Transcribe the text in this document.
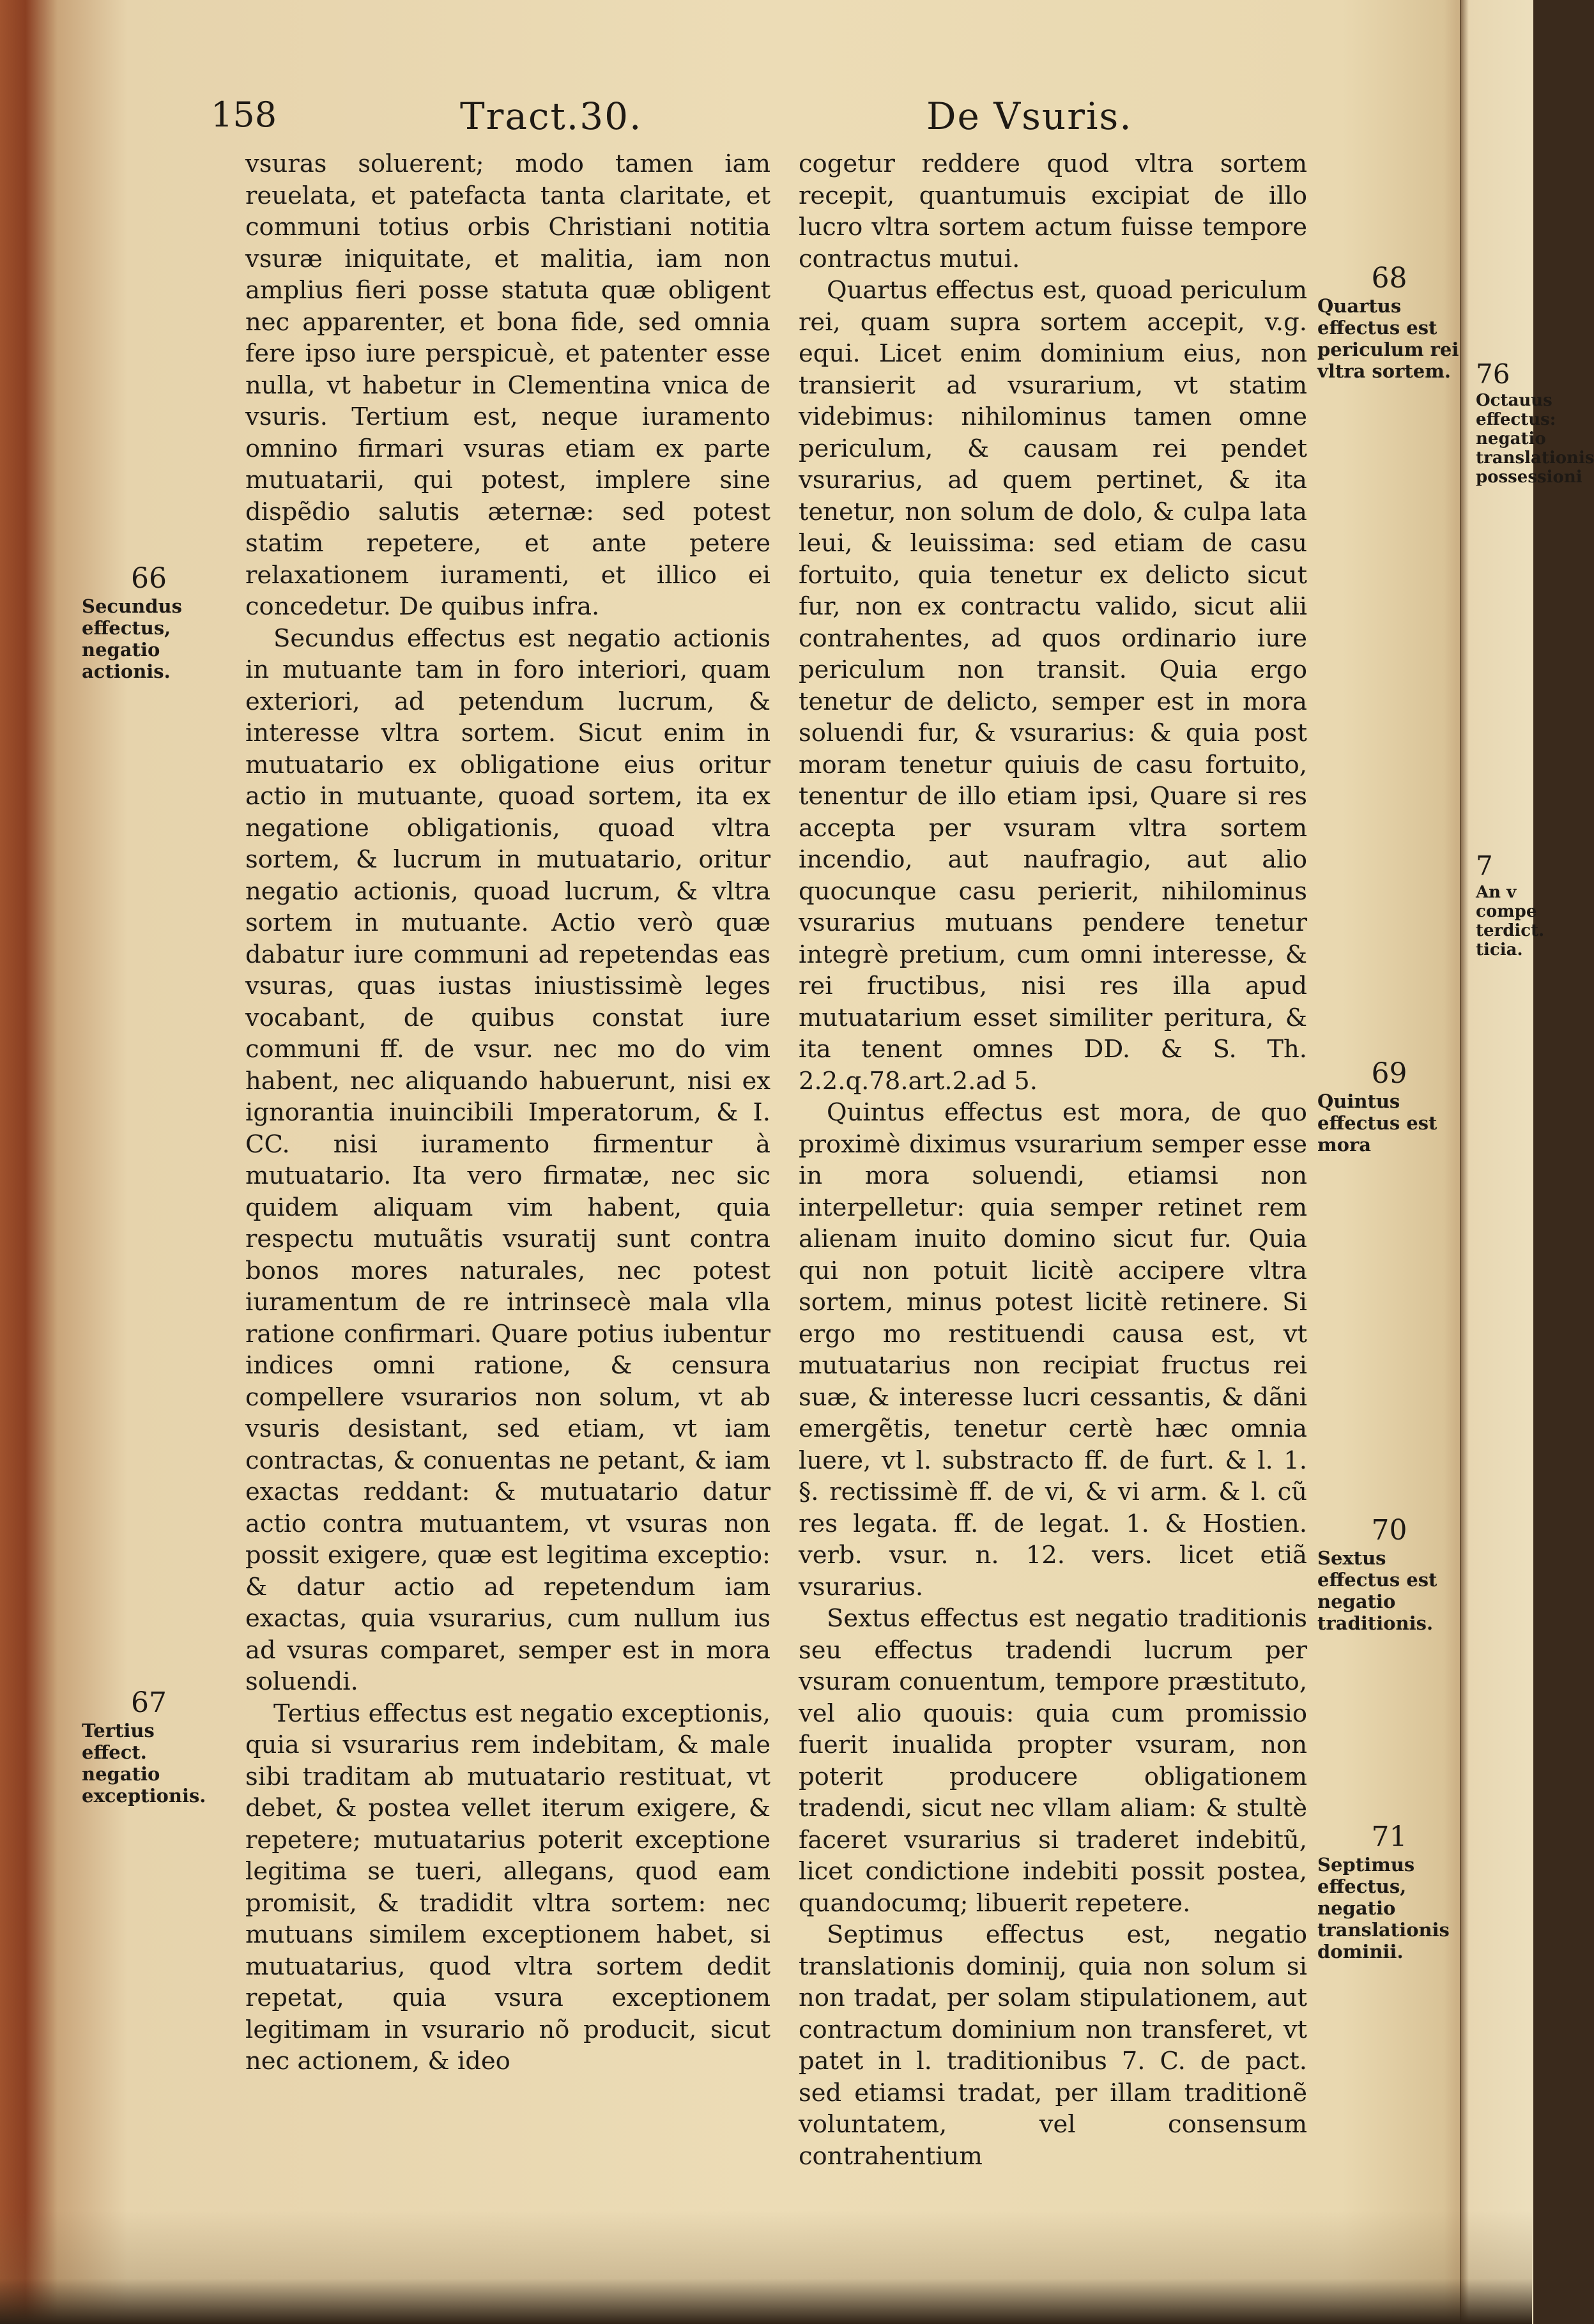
158	Tract.30.	De Vsuris.

vsuras soluerent; modo tamen iam reuelata, et patefacta tanta claritate, et communi totius orbis Christiani notitia vsuræ iniquitate, et malitia, iam non amplius fieri posse statuta quæ obligent nec apparenter, et bona fide, sed omnia fere ipso iure perspicuè, et patenter esse nulla, vt habetur in Clementina vnica de vsuris. Tertium est, neque iuramento omnino firmari vsuras etiam ex parte mutuatarii, qui potest, implere sine dispẽdio salutis æternæ: sed potest statim repetere, et ante petere relaxationem iuramenti, et illico ei concedetur. De quibus infra.

Secundus effectus est negatio actionis in mutuante tam in foro interiori, quam exteriori, ad petendum lucrum, & interesse vltra sortem. Sicut enim in mutuatario ex obligatione eius oritur actio in mutuante, quoad sortem, ita ex negatione obligationis, quoad vltra sortem, & lucrum in mutuatario, oritur negatio actionis, quoad lucrum, & vltra sortem in mutuante. Actio verò quæ dabatur iure communi ad repetendas eas vsuras, quas iustas iniustissimè leges vocabant, de quibus constat iure communi ff. de vsur. nec mo do vim habent, nec aliquando habuerunt, nisi ex ignorantia inuincibili Imperatorum, & I. CC. nisi iuramento firmentur à mutuatario. Ita vero firmatæ, nec sic quidem aliquam vim habent, quia respectu mutuãtis vsuratij sunt contra bonos mores naturales, nec potest iuramentum de re intrinsecè mala vlla ratione confirmari. Quare potius iubentur indices omni ratione, & censura compellere vsurarios non solum, vt ab vsuris desistant, sed etiam, vt iam contractas, & conuentas ne petant, & iam exactas reddant: & mutuatario datur actio contra mutuantem, vt vsuras non possit exigere, quæ est legitima exceptio: & datur actio ad repetendum iam exactas, quia vsurarius, cum nullum ius ad vsuras comparet, semper est in mora soluendi.

Tertius effectus est negatio exceptionis, quia si vsurarius rem indebitam, & male sibi traditam ab mutuatario restituat, vt debet, & postea vellet iterum exigere, & repetere; mutuatarius poterit exceptione legitima se tueri, allegans, quod eam promisit, & tradidit vltra sortem: nec mutuans similem exceptionem habet, si mutuatarius, quod vltra sortem dedit repetat, quia vsura exceptionem legitimam in vsurario nõ producit, sicut nec actionem, & ideo

cogetur reddere quod vltra sortem recepit, quantumuis excipiat de illo lucro vltra sortem actum fuisse tempore contractus mutui.

Quartus effectus est, quoad periculum rei, quam supra sortem accepit, v.g. equi. Licet enim dominium eius, non transierit ad vsurarium, vt statim videbimus: nihilominus tamen omne periculum, & causam rei pendet vsurarius, ad quem pertinet, & ita tenetur, non solum de dolo, & culpa lata leui, & leuissima: sed etiam de casu fortuito, quia tenetur ex delicto sicut fur, non ex contractu valido, sicut alii contrahentes, ad quos ordinario iure periculum non transit. Quia ergo tenetur de delicto, semper est in mora soluendi fur, & vsurarius: & quia post moram tenetur quiuis de casu fortuito, tenentur de illo etiam ipsi, Quare si res accepta per vsuram vltra sortem incendio, aut naufragio, aut alio quocunque casu perierit, nihilominus vsurarius mutuans pendere tenetur integrè pretium, cum omni interesse, & rei fructibus, nisi res illa apud mutuatarium esset similiter peritura, & ita tenent omnes DD. & S. Th. 2.2.q.78.art.2.ad 5.

Quintus effectus est mora, de quo proximè diximus vsurarium semper esse in mora soluendi, etiamsi non interpelletur: quia semper retinet rem alienam inuito domino sicut fur. Quia qui non potuit licitè accipere vltra sortem, minus potest licitè retinere. Si ergo mo restituendi causa est, vt mutuatarius non recipiat fructus rei suæ, & interesse lucri cessantis, & dãni emergẽtis, tenetur certè hæc omnia luere, vt l. substracto ff. de furt. & l. 1. §. rectissimè ff. de vi, & vi arm. & l. cũ res legata. ff. de legat. 1. & Hostien. verb. vsur. n. 12. vers. licet etiã vsurarius.

Sextus effectus est negatio traditionis seu effectus tradendi lucrum per vsuram conuentum, tempore præstituto, vel alio quouis: quia cum promissio fuerit inualida propter vsuram, non poterit producere obligationem tradendi, sicut nec vllam aliam: & stultè faceret vsurarius si traderet indebitũ, licet condictione indebiti possit postea, quandocumq; libuerit repetere.

Septimus effectus est, negatio translationis dominij, quia non solum si non tradat, per solam stipulationem, aut contractum dominium non transferet, vt patet in l. traditionibus 7. C. de pact. sed etiamsi tradat, per illam traditionẽ voluntatem, vel consensum contrahentium

66
Secundus effectus, negatio actionis.
67
Tertius effect. negatio exceptionis.
68
Quartus effectus est periculum rei vltra sortem.
69
Quintus effectus est mora
70
Sextus effectus est negatio traditionis.
71
Septimus effectus, negatio translationis dominii.
76
Octauus effectus: negatio translationis possessioni
7
An v compe terdict. ticia.
